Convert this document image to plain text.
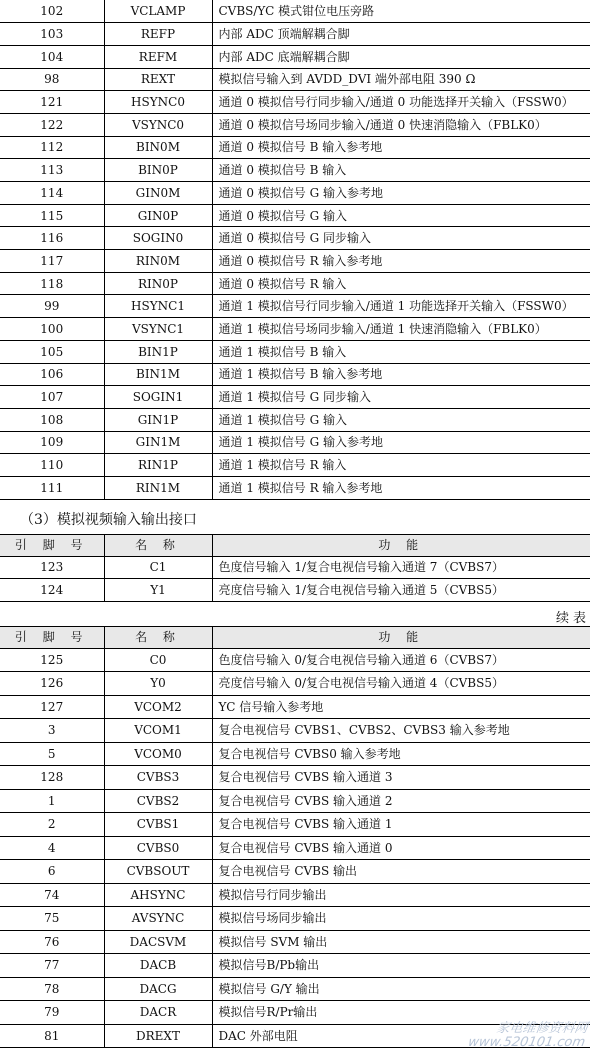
102	VCLAMP	CVBS/YC 模式钳位电压旁路
103	REFP	内部 ADC 顶端解耦合脚
104	REFM	内部 ADC 底端解耦合脚
98	REXT	模拟信号输入到 AVDD_DVI 端外部电阻 390 Ω
121	HSYNC0	通道 0 模拟信号行同步输入/通道 0 功能选择开关输入（FSSW0）
122	VSYNC0	通道 0 模拟信号场同步输入/通道 0 快速消隐输入（FBLK0）
112	BIN0M	通道 0 模拟信号 B 输入参考地
113	BIN0P	通道 0 模拟信号 B 输入
114	GIN0M	通道 0 模拟信号 G 输入参考地
115	GIN0P	通道 0 模拟信号 G 输入
116	SOGIN0	通道 0 模拟信号 G 同步输入
117	RIN0M	通道 0 模拟信号 R 输入参考地
118	RIN0P	通道 0 模拟信号 R 输入
99	HSYNC1	通道 1 模拟信号行同步输入/通道 1 功能选择开关输入（FSSW0）
100	VSYNC1	通道 1 模拟信号场同步输入/通道 1 快速消隐输入（FBLK0）
105	BIN1P	通道 1 模拟信号 B 输入
106	BIN1M	通道 1 模拟信号 B 输入参考地
107	SOGIN1	通道 1 模拟信号 G 同步输入
108	GIN1P	通道 1 模拟信号 G 输入
109	GIN1M	通道 1 模拟信号 G 输入参考地
110	RIN1P	通道 1 模拟信号 R 输入
111	RIN1M	通道 1 模拟信号 R 输入参考地
（3）模拟视频输入输出接口
引 脚 号	名 称	功 能
123	C1	色度信号输入 1/复合电视信号输入通道 7（CVBS7）
124	Y1	亮度信号输入 1/复合电视信号输入通道 5（CVBS5）
续表
引 脚 号	名 称	功 能
125	C0	色度信号输入 0/复合电视信号输入通道 6（CVBS7）
126	Y0	亮度信号输入 0/复合电视信号输入通道 4（CVBS5）
127	VCOM2	YC 信号输入参考地
3	VCOM1	复合电视信号 CVBS1、CVBS2、CVBS3 输入参考地
5	VCOM0	复合电视信号 CVBS0 输入参考地
128	CVBS3	复合电视信号 CVBS 输入通道 3
1	CVBS2	复合电视信号 CVBS 输入通道 2
2	CVBS1	复合电视信号 CVBS 输入通道 1
4	CVBS0	复合电视信号 CVBS 输入通道 0
6	CVBSOUT	复合电视信号 CVBS 输出
74	AHSYNC	模拟信号行同步输出
75	AVSYNC	模拟信号场同步输出
76	DACSVM	模拟信号 SVM 输出
77	DACB	模拟信号B/Pb输出
78	DACG	模拟信号 G/Y 输出
79	DACR	模拟信号R/Pr输出
81	DREXT	DAC 外部电阻	家电维修资料网
www.520101.com
